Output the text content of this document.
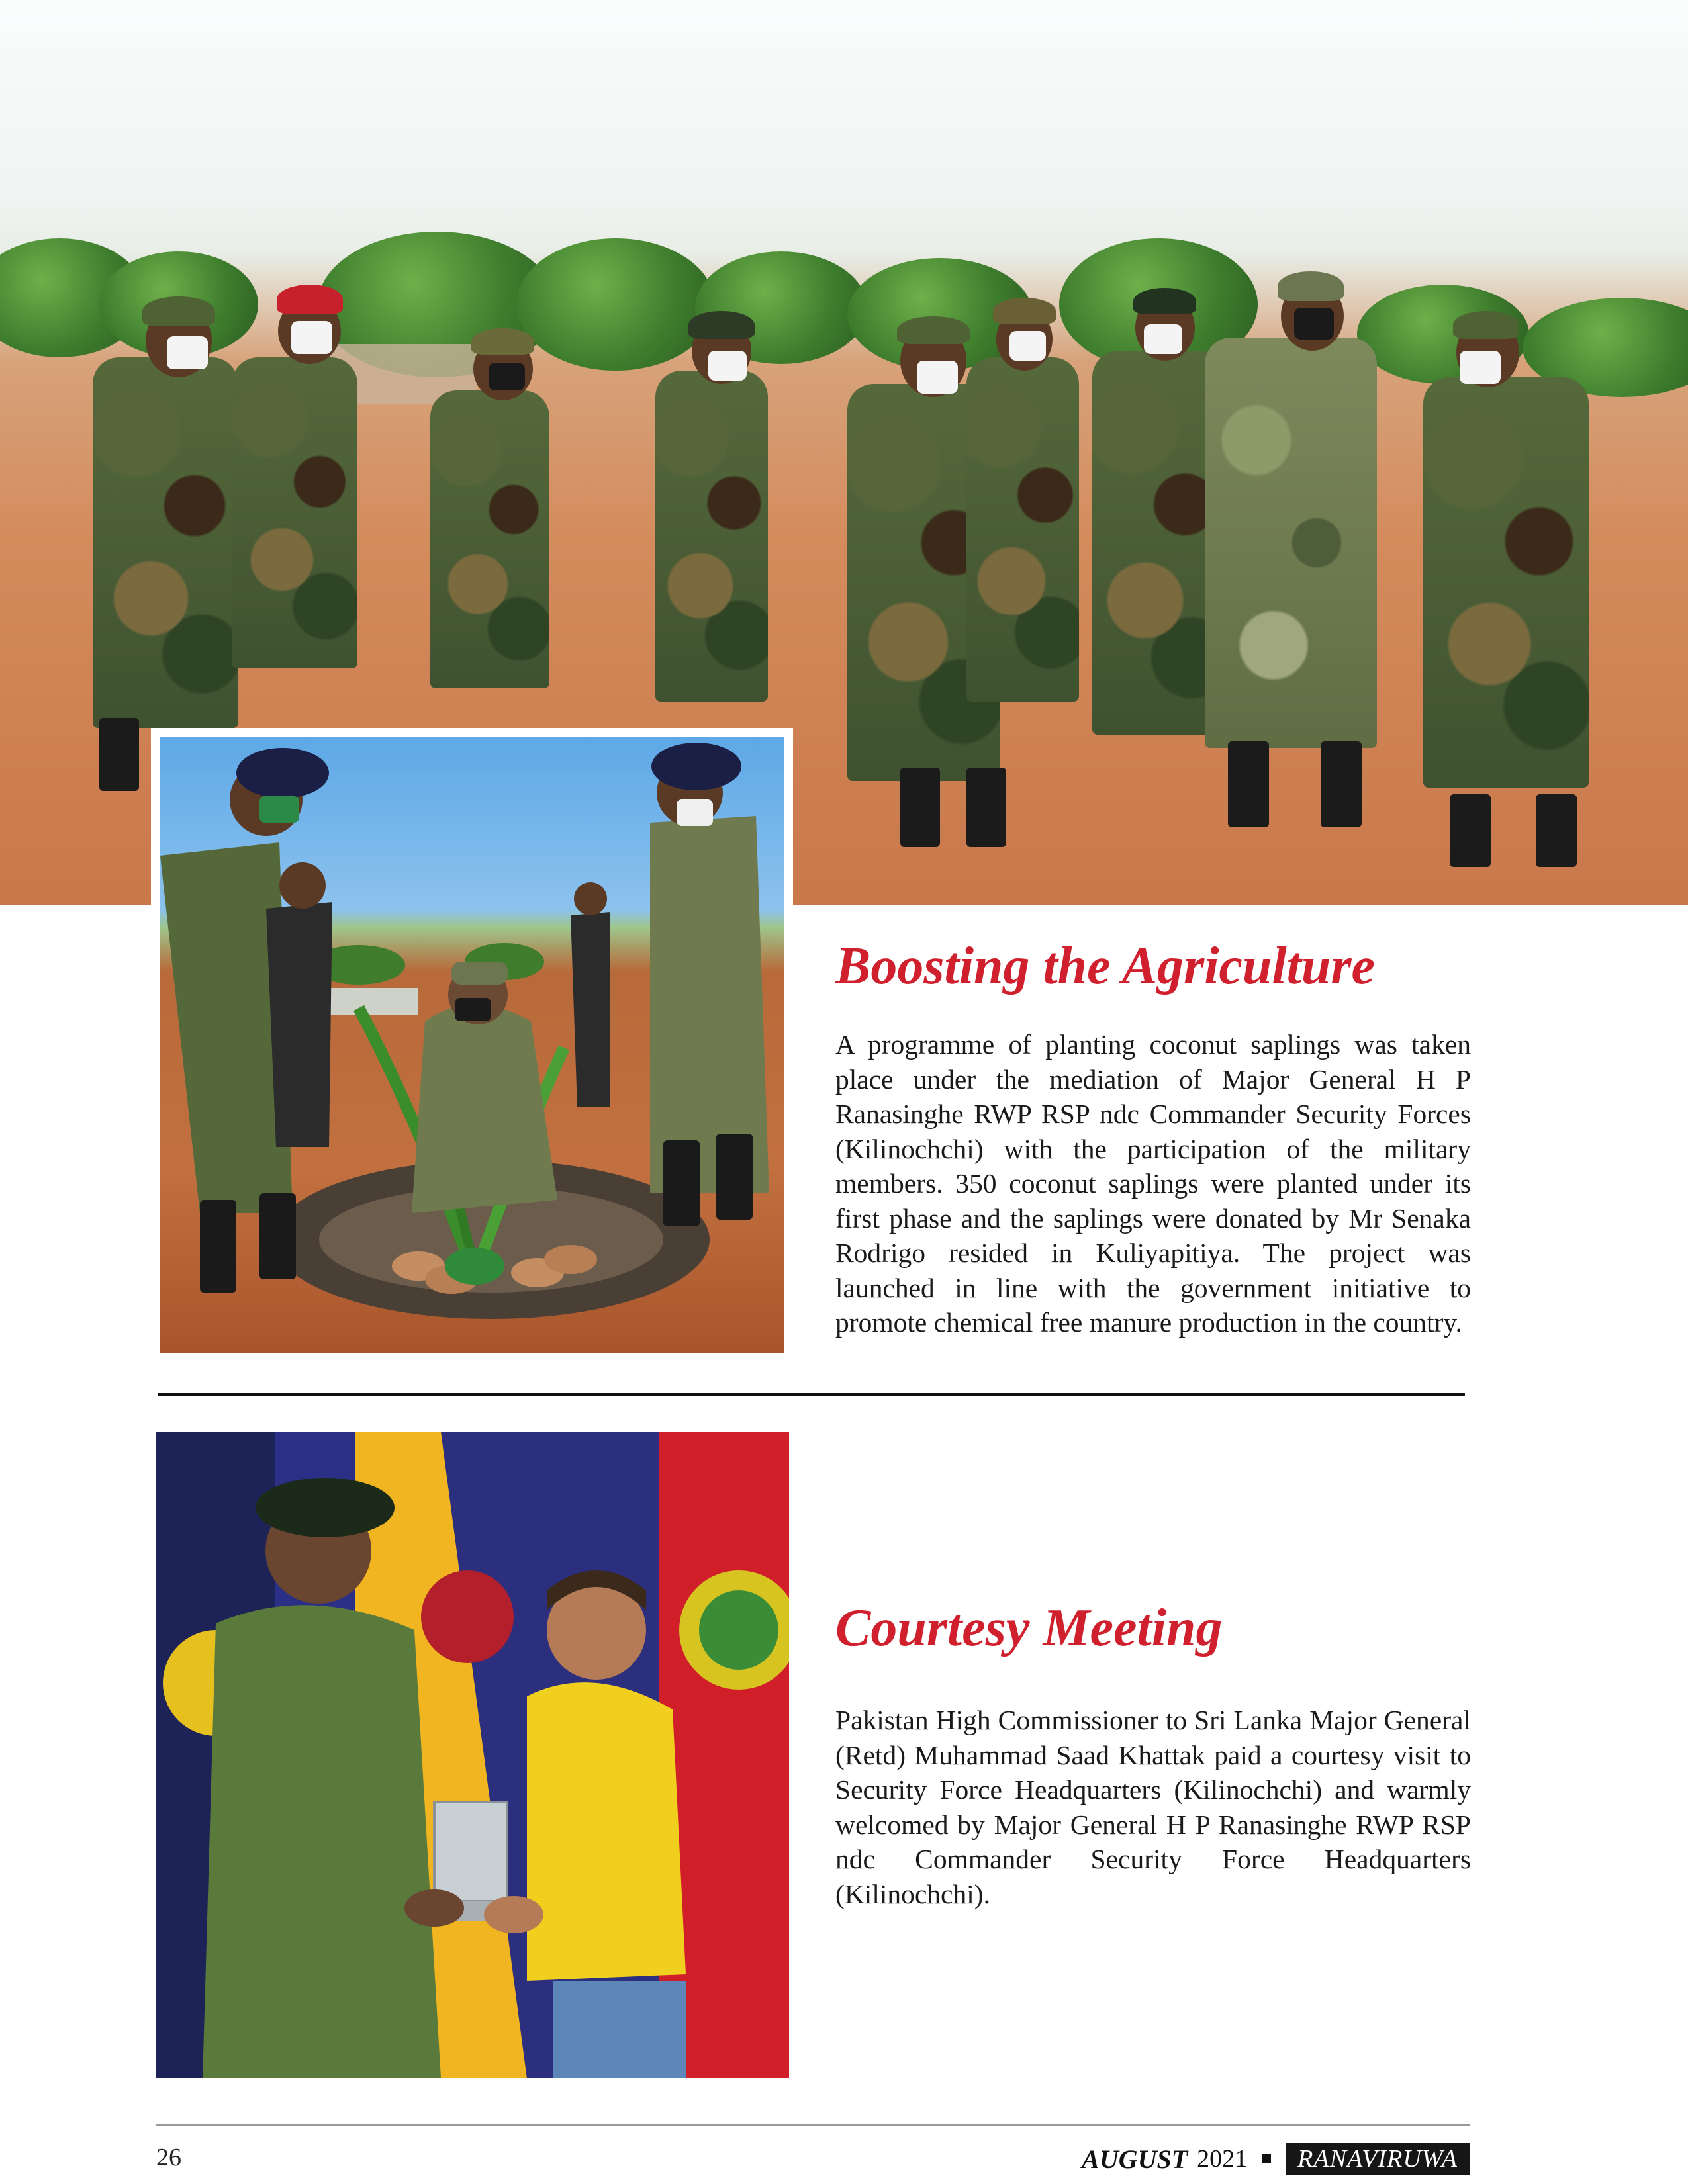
Boosting the Agriculture

A programme of planting coconut saplings was taken place under the mediation of Major General H P Ranasinghe RWP RSP ndc Commander Security Forces (Kilinochchi) with the participation of the military members. 350 coconut saplings were planted under its first phase and the saplings were donated by Mr Senaka Rodrigo resided in Kuliyapitiya. The project was launched in line with the government initiative to promote chemical free manure production in the country.

Courtesy Meeting

Pakistan High Commissioner to Sri Lanka Major General (Retd) Muhammad Saad Khattak paid a courtesy visit to Security Force Headquarters (Kilinochchi) and warmly welcomed by Major General H P Ranasinghe RWP RSP ndc Commander Security Force Headquarters (Kilinochchi).

26	AUGUST 2021	RANAVIRUWA
